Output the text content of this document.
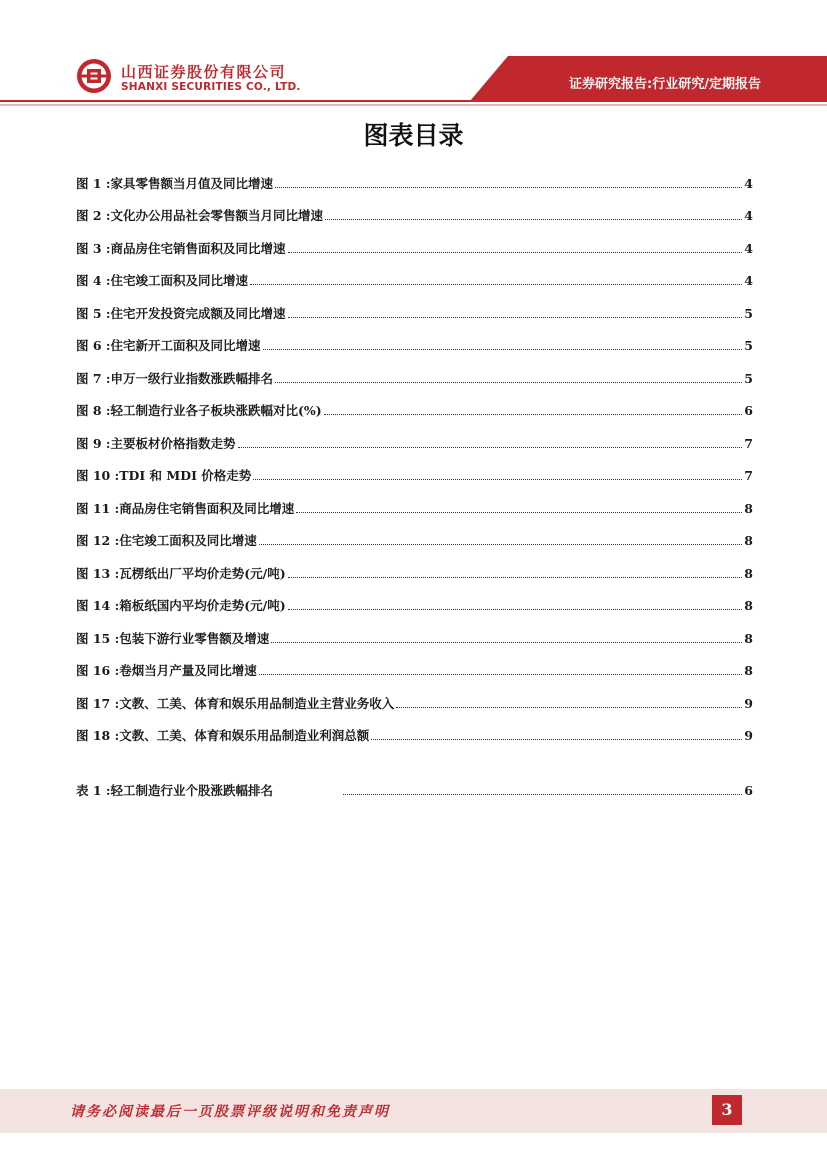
山西证券股份有限公司
SHANXI SECURITIES CO., LTD.	证券研究报告:行业研究/定期报告
图表目录
图 1 :家具零售额当月值及同比增速	4
图 2 :文化办公用品社会零售额当月同比增速	4
图 3 :商品房住宅销售面积及同比增速	4
图 4 :住宅竣工面积及同比增速	4
图 5 :住宅开发投资完成额及同比增速	5
图 6 :住宅新开工面积及同比增速	5
图 7 :申万一级行业指数涨跌幅排名	5
图 8 :轻工制造行业各子板块涨跌幅对比(%)	6
图 9 :主要板材价格指数走势	7
图 10 :TDI 和 MDI 价格走势	7
图 11 :商品房住宅销售面积及同比增速	8
图 12 :住宅竣工面积及同比增速	8
图 13 :瓦楞纸出厂平均价走势(元/吨)	8
图 14 :箱板纸国内平均价走势(元/吨)	8
图 15 :包装下游行业零售额及增速	8
图 16 :卷烟当月产量及同比增速	8
图 17 :文教、工美、体育和娱乐用品制造业主营业务收入	9
图 18 :文教、工美、体育和娱乐用品制造业利润总额	9
表 1 :轻工制造行业个股涨跌幅排名	6
请务必阅读最后一页股票评级说明和免责声明	3
